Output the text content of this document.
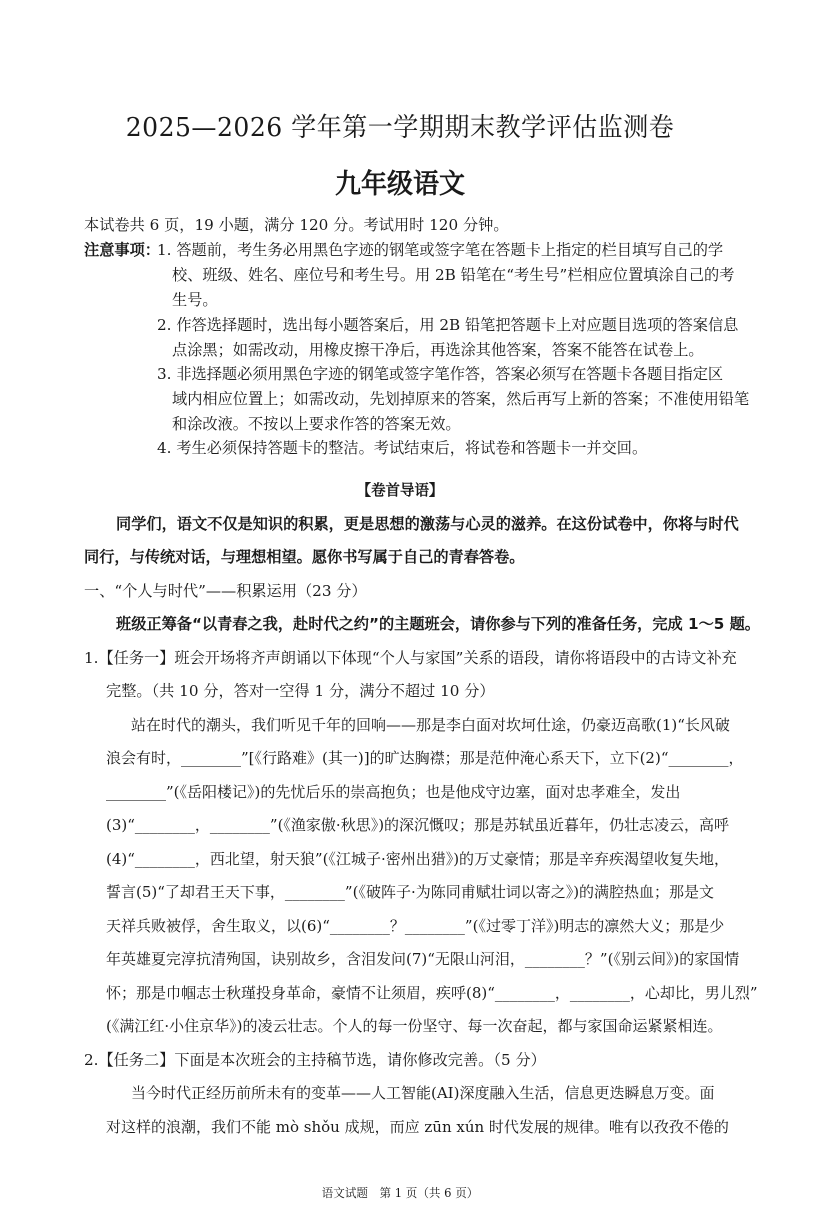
2025—2026 学年第一学期期末教学评估监测卷
九年级语文
本试卷共 6 页，19 小题，满分 120 分。考试用时 120 分钟。
注意事项：
1. 答题前，考生务必用黑色字迹的钢笔或签字笔在答题卡上指定的栏目填写自己的学
校、班级、姓名、座位号和考生号。用 2B 铅笔在“考生号”栏相应位置填涂自己的考
生号。
2. 作答选择题时，选出每小题答案后，用 2B 铅笔把答题卡上对应题目选项的答案信息
点涂黑；如需改动，用橡皮擦干净后，再选涂其他答案，答案不能答在试卷上。
3. 非选择题必须用黑色字迹的钢笔或签字笔作答，答案必须写在答题卡各题目指定区
域内相应位置上；如需改动，先划掉原来的答案，然后再写上新的答案；不准使用铅笔
和涂改液。不按以上要求作答的答案无效。
4. 考生必须保持答题卡的整洁。考试结束后，将试卷和答题卡一并交回。
【卷首导语】
同学们，语文不仅是知识的积累，更是思想的激荡与心灵的滋养。在这份试卷中，你将与时代
同行，与传统对话，与理想相望。愿你书写属于自己的青春答卷。
一、“个人与时代”——积累运用（23 分）
班级正筹备“以青春之我，赴时代之约”的主题班会，请你参与下列的准备任务，完成 1～5 题。
1.【任务一】班会开场将齐声朗诵以下体现“个人与家国”关系的语段，请你将语段中的古诗文补充
完整。（共 10 分，答对一空得 1 分，满分不超过 10 分）
站在时代的潮头，我们听见千年的回响——那是李白面对坎坷仕途，仍豪迈高歌(1)“长风破
浪会有时，________”[《行路难》(其一)]的旷达胸襟；那是范仲淹心系天下，立下(2)“________，
________”(《岳阳楼记》)的先忧后乐的崇高抱负；也是他戍守边塞，面对忠孝难全，发出
(3)“________，________”(《渔家傲·秋思》)的深沉慨叹；那是苏轼虽近暮年，仍壮志凌云，高呼
(4)“________，西北望，射天狼”(《江城子·密州出猎》)的万丈豪情；那是辛弃疾渴望收复失地，
誓言(5)“了却君王天下事，________”(《破阵子·为陈同甫赋壮词以寄之》)的满腔热血；那是文
天祥兵败被俘，舍生取义，以(6)“________？________”(《过零丁洋》)明志的凛然大义；那是少
年英雄夏完淳抗清殉国，诀别故乡，含泪发问(7)“无限山河泪，________？”(《别云间》)的家国情
怀；那是巾帼志士秋瑾投身革命，豪情不让须眉，疾呼(8)“________，________，心却比，男儿烈”
(《满江红·小住京华》)的凌云壮志。个人的每一份坚守、每一次奋起，都与家国命运紧紧相连。
2.【任务二】下面是本次班会的主持稿节选，请你修改完善。（5 分）
当今时代正经历前所未有的变革——人工智能(AI)深度融入生活，信息更迭瞬息万变。面
对这样的浪潮，我们不能 mò shǒu 成规，而应 zūn xún 时代发展的规律。唯有以孜孜不倦的
语文试题　第 1 页（共 6 页）
